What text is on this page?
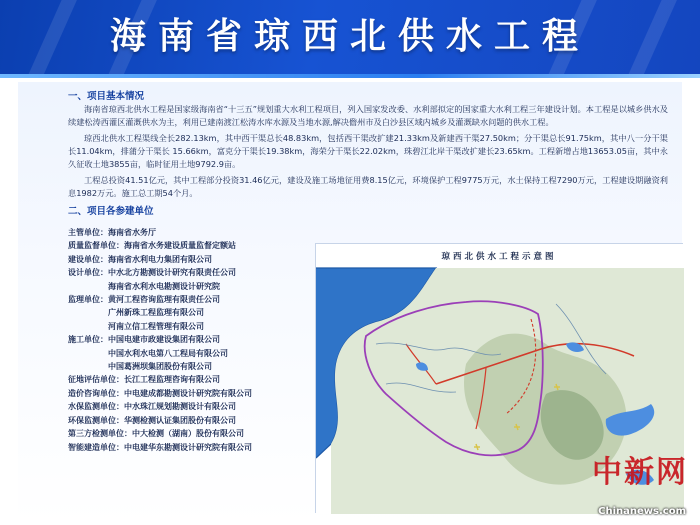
海南省琼西北供水工程
一、项目基本情况

海南省琼西北供水工程是国家级海南省“十三五”规划重大水利工程项目，列入国家发改委、水利部拟定的国家重大水利工程三年建设计划。本工程是以城乡供水及续建松涛西灌区灌溉供水为主，利用已建南渡江松涛水库水源及当地水源,解决儋州市及白沙县区域内城乡及灌溉缺水问题的供水工程。

琼西北供水工程渠线全长282.13km，其中西干渠总长48.83km，包括西干渠改扩建21.33km及新建西干渠27.50km；分干渠总长91.75km，其中八一分干渠长11.04km，排蒲分干渠长 15.66km，富克分干渠长19.38km，海荣分干渠长22.02km，珠碧江北岸干渠改扩建长23.65km。工程新增占地13653.05亩，其中永久征收土地3855亩，临时征用土地9792.9亩。

工程总投资41.51亿元，其中工程部分投资31.46亿元，建设及施工场地征用费8.15亿元，环境保护工程9775万元，水土保持工程7290万元，工程建设期融资利息1982万元。施工总工期54个月。

二、项目各参建单位
主管单位： 海南省水务厅
质量监督单位： 海南省水务建设质量监督定额站
建设单位： 海南省水利电力集团有限公司
设计单位： 中水北方勘测设计研究有限责任公司
海南省水利水电勘测设计研究院
监理单位： 黄河工程咨询监理有限责任公司
广州新珠工程监理有限公司
河南立信工程管理有限公司
施工单位： 中国电建市政建设集团有限公司
中国水利水电第八工程局有限公司
中国葛洲坝集团股份有限公司
征地评估单位： 长江工程监理咨询有限公司
造价咨询单位： 中电建成都勘测设计研究院有限公司
水保监测单位： 中水珠江规划勘测设计有限公司
环保监测单位： 华测检测认证集团股份有限公司
第三方检测单位： 中大检测（湖南）股份有限公司
智能建造单位： 中电建华东勘测设计研究院有限公司
琼西北供水工程示意图
中新网
Chinanews.com
